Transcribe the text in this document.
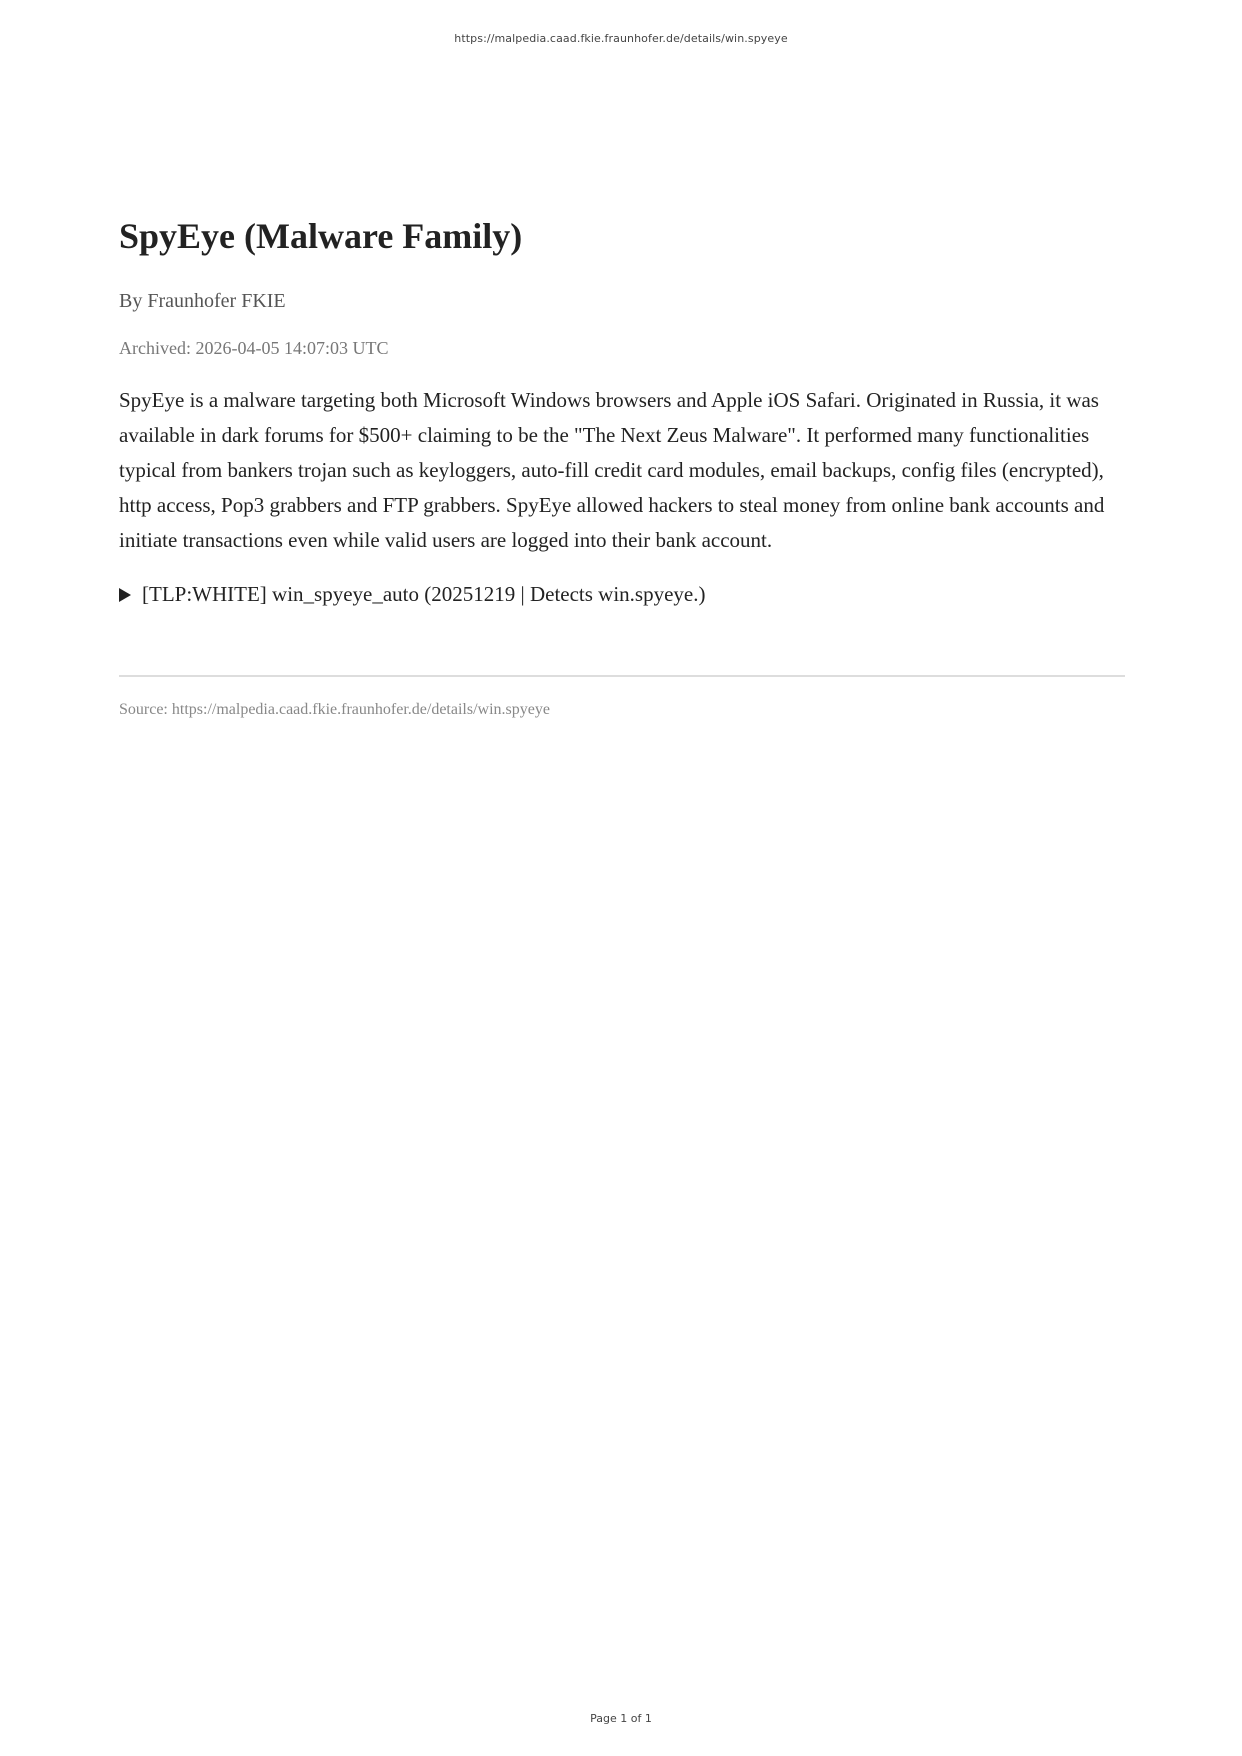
https://malpedia.caad.fkie.fraunhofer.de/details/win.spyeye
SpyEye (Malware Family)
By Fraunhofer FKIE
Archived: 2026-04-05 14:07:03 UTC
SpyEye is a malware targeting both Microsoft Windows browsers and Apple iOS Safari. Originated in Russia, it was available in dark forums for $500+ claiming to be the "The Next Zeus Malware". It performed many functionalities typical from bankers trojan such as keyloggers, auto-fill credit card modules, email backups, config files (encrypted), http access, Pop3 grabbers and FTP grabbers. SpyEye allowed hackers to steal money from online bank accounts and initiate transactions even while valid users are logged into their bank account.
[TLP:WHITE] win_spyeye_auto (20251219 | Detects win.spyeye.)
Source: https://malpedia.caad.fkie.fraunhofer.de/details/win.spyeye
Page 1 of 1
